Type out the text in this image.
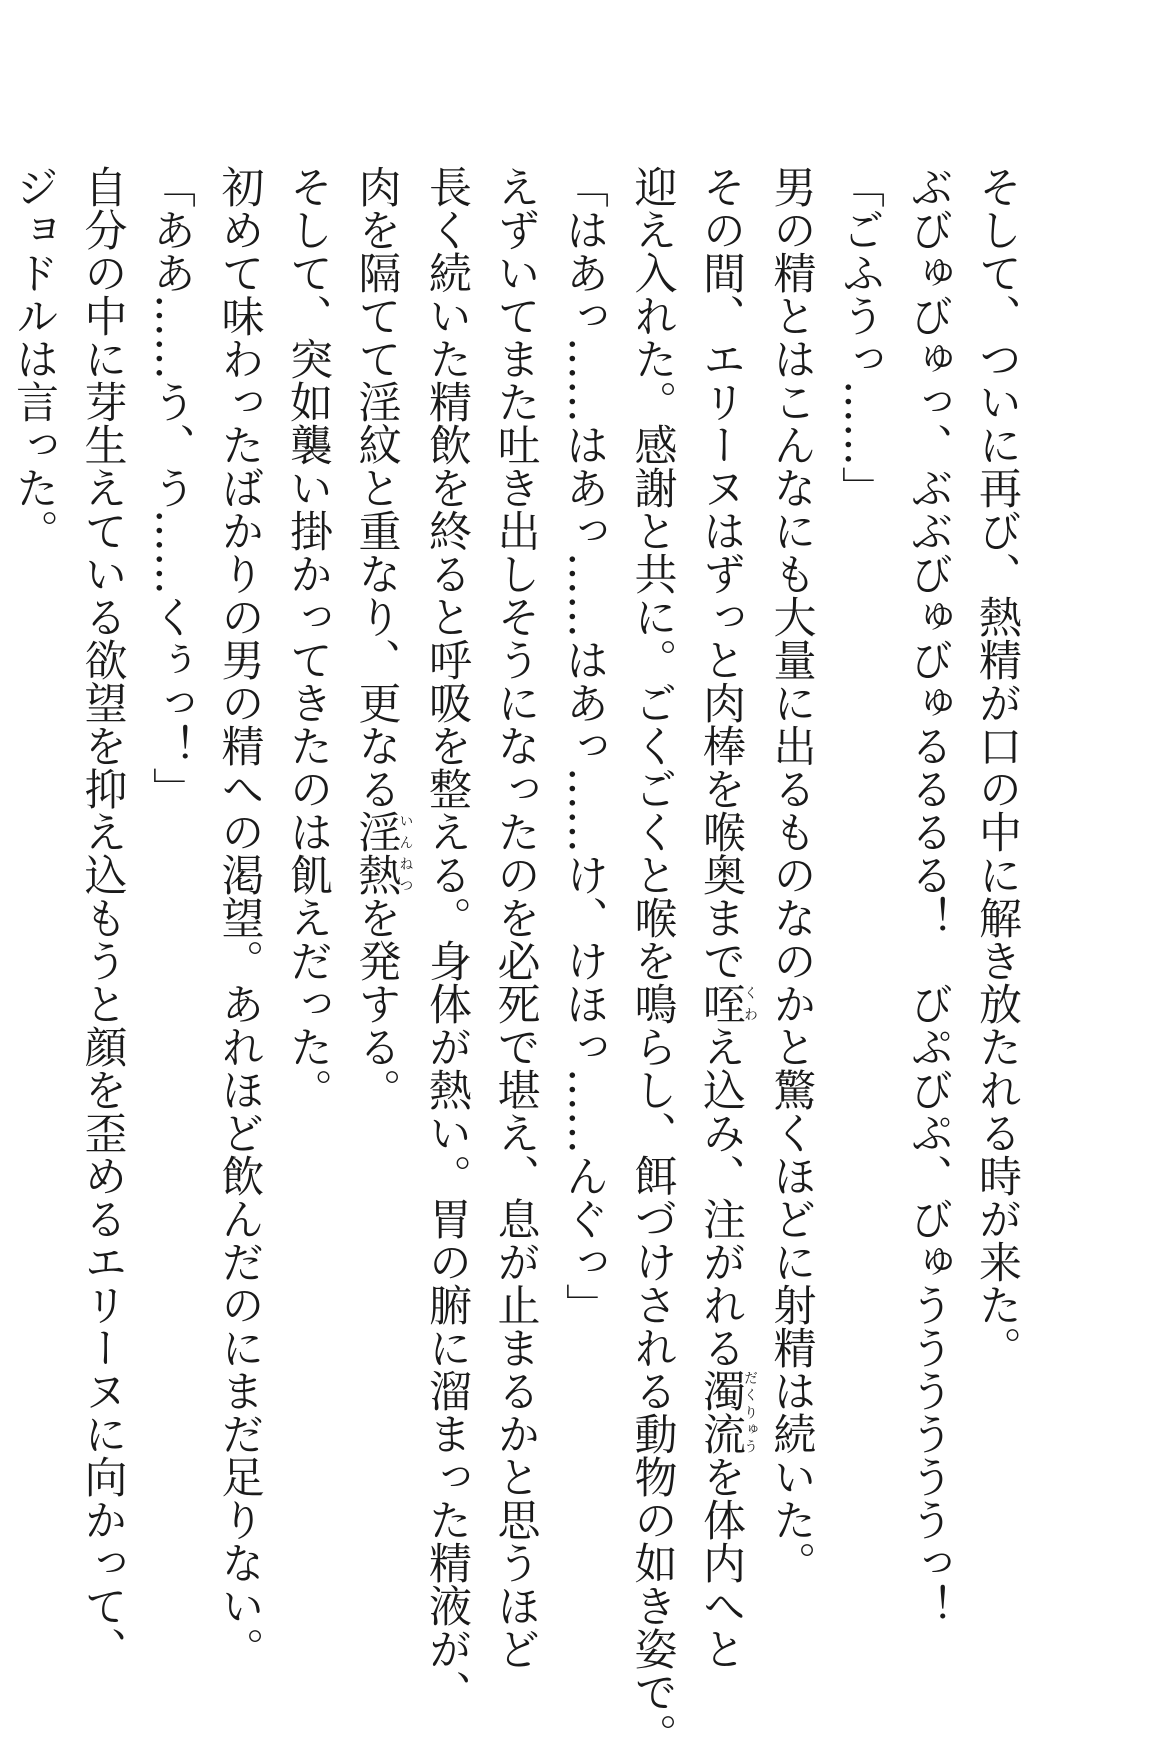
そして、ついに再び、熱精が口の中に解き放たれる時が来た。
ぶびゅびゅっ、ぶぶびゅびゅるるるる！　びぷびぷ、びゅううううううっ！
「ごふうっ……」
男の精とはこんなにも大量に出るものなのかと驚くほどに射精は続いた。
その間、エリーヌはずっと肉棒を喉奥まで咥くわえ込み、注がれる濁流だくりゅうを体内へと
迎え入れた。感謝と共に。ごくごくと喉を鳴らし、餌づけされる動物の如き姿で。
「はあっ……はあっ……はあっ……け、けほっ……んぐっ」
えずいてまた吐き出しそうになったのを必死で堪え、息が止まるかと思うほど
長く続いた精飲を終ると呼吸を整える。身体が熱い。胃の腑に溜まった精液が、
肉を隔てて淫紋と重なり、更なる淫熱いんねつを発する。
そして、突如襲い掛かってきたのは飢えだった。
初めて味わったばかりの男の精への渇望。あれほど飲んだのにまだ足りない。
「ああ……う、う……くぅっ！」
自分の中に芽生えている欲望を抑え込もうと顔を歪めるエリーヌに向かって、
ジョドルは言った。
